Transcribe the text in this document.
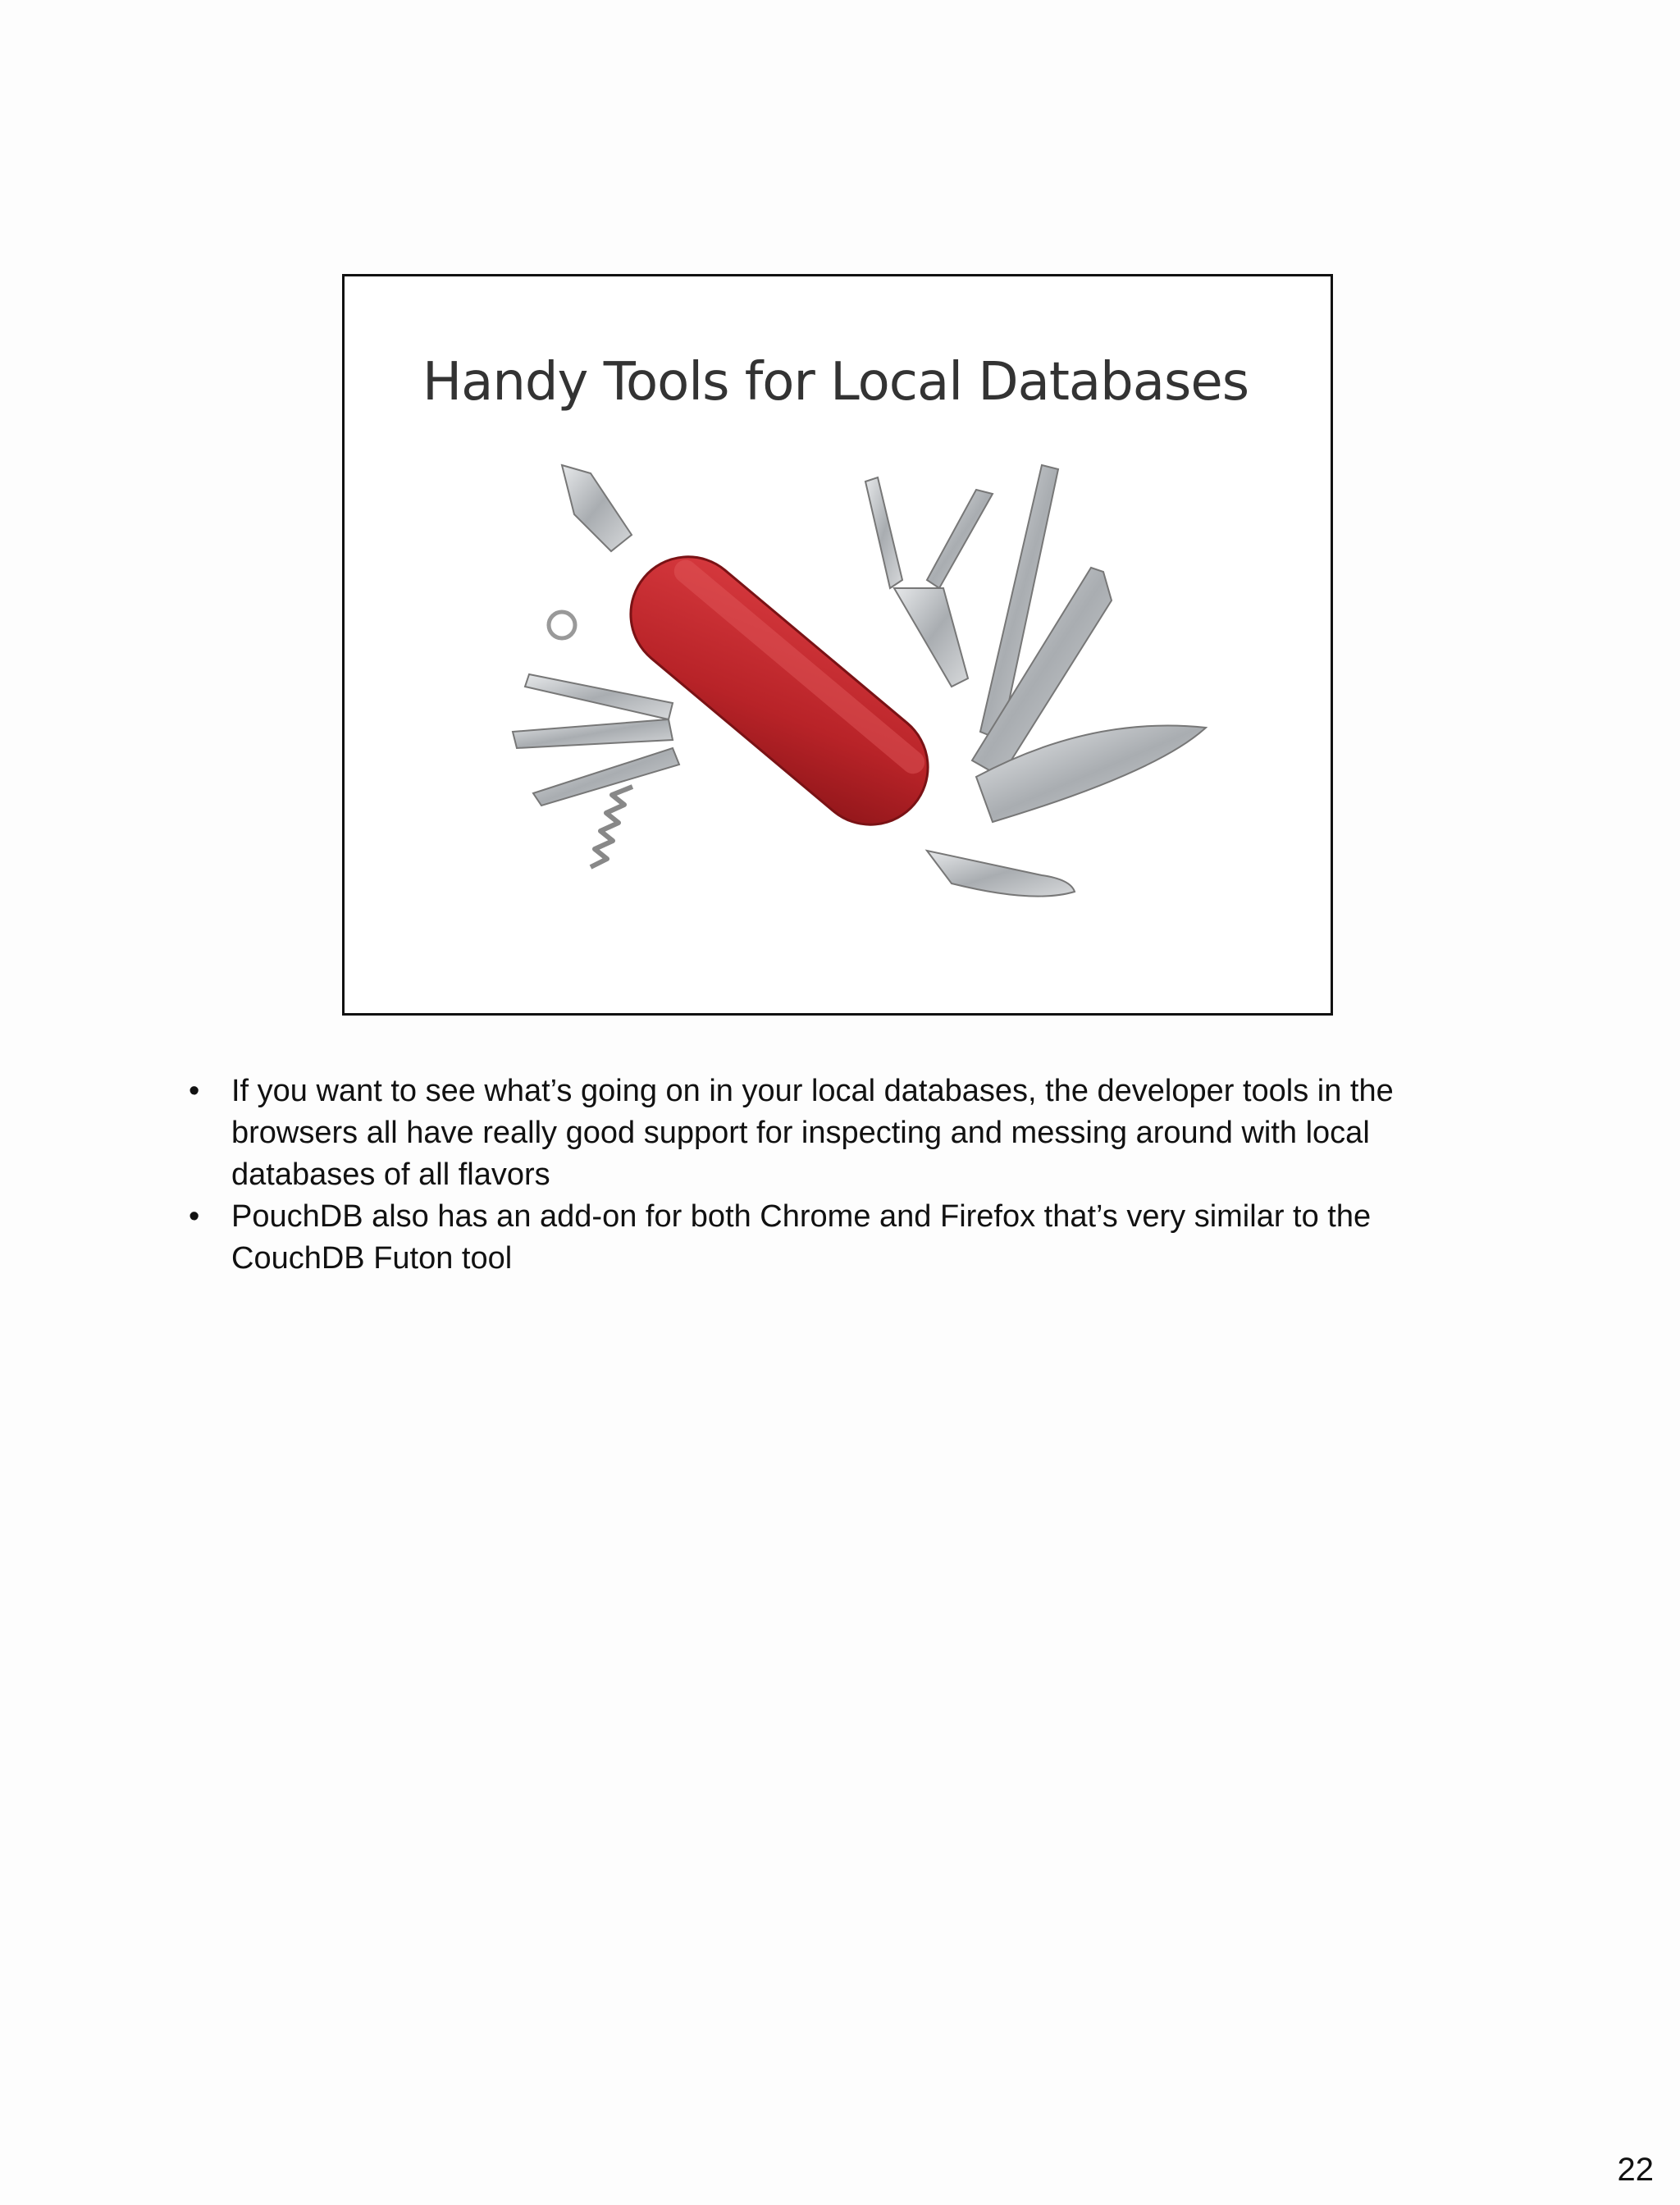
Handy Tools for Local Databases
•	If you want to see what’s going on in your local databases, the developer tools in the browsers all have really good support for inspecting and messing around with local databases of all flavors
•	PouchDB also has an add-on for both Chrome and Firefox that’s very similar to the CouchDB Futon tool
22
